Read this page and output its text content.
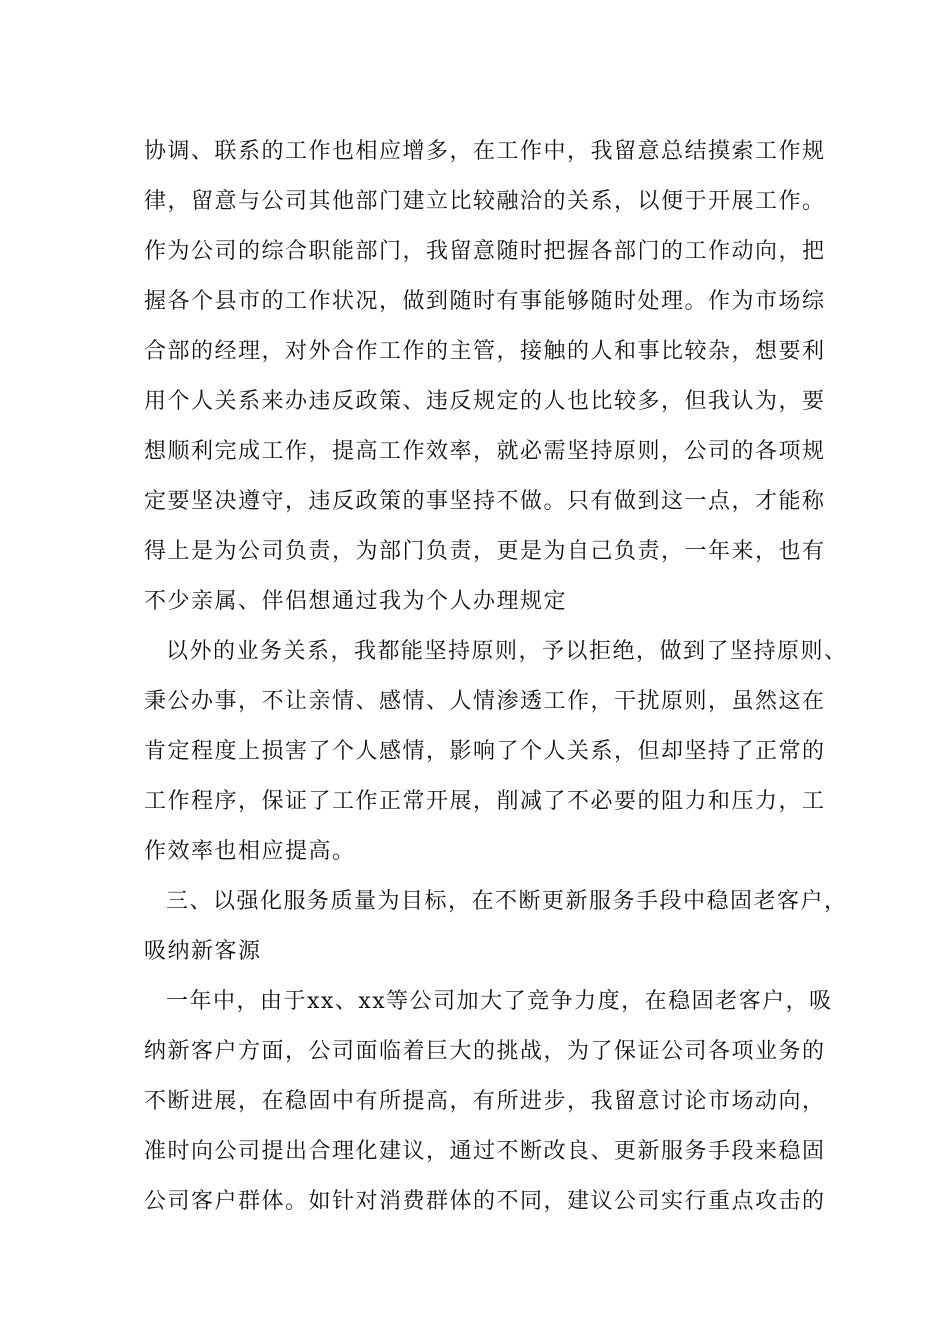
协调、联系的工作也相应增多，在工作中，我留意总结摸索工作规

律，留意与公司其他部门建立比较融洽的关系，以便于开展工作。

作为公司的综合职能部门，我留意随时把握各部门的工作动向，把

握各个县市的工作状况，做到随时有事能够随时处理。作为市场综

合部的经理，对外合作工作的主管，接触的人和事比较杂，想要利

用个人关系来办违反政策、违反规定的人也比较多，但我认为，要

想顺利完成工作，提高工作效率，就必需坚持原则，公司的各项规

定要坚决遵守，违反政策的事坚持不做。只有做到这一点，才能称

得上是为公司负责，为部门负责，更是为自己负责，一年来，也有

不少亲属、伴侣想通过我为个人办理规定

以外的业务关系，我都能坚持原则，予以拒绝，做到了坚持原则、

秉公办事，不让亲情、感情、人情渗透工作，干扰原则，虽然这在

肯定程度上损害了个人感情，影响了个人关系，但却坚持了正常的

工作程序，保证了工作正常开展，削减了不必要的阻力和压力，工

作效率也相应提高。

三、以强化服务质量为目标，在不断更新服务手段中稳固老客户，

吸纳新客源

一年中，由于xx、xx等公司加大了竞争力度，在稳固老客户，吸

纳新客户方面，公司面临着巨大的挑战，为了保证公司各项业务的

不断进展，在稳固中有所提高，有所进步，我留意讨论市场动向，

准时向公司提出合理化建议，通过不断改良、更新服务手段来稳固

公司客户群体。如针对消费群体的不同，建议公司实行重点攻击的
